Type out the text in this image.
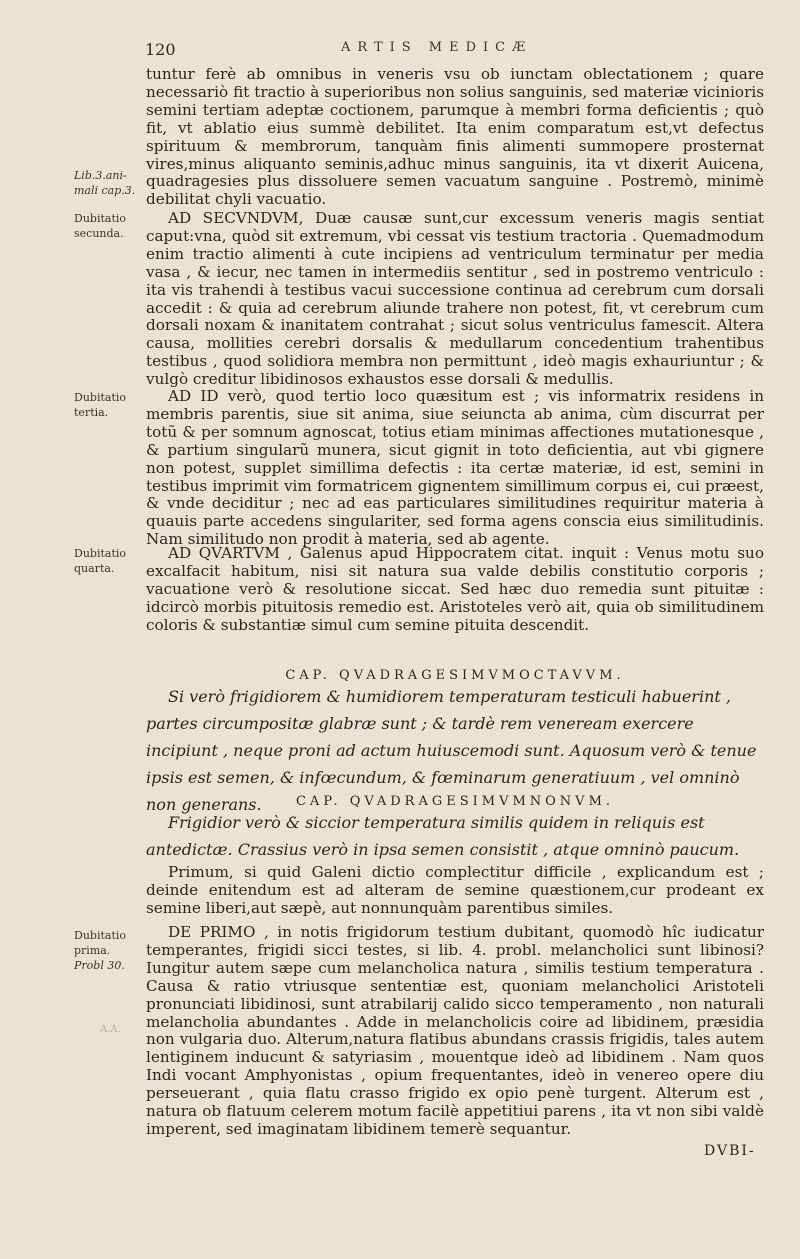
120	ARTIS MEDICÆ
Lib.3.ani-
mali cap.3.
Dubitatio
secunda.
Dubitatio
tertia.
Dubitatio
quarta.
Dubitatio
prima.
Probl 30.

tuntur ferè ab omnibus in veneris vsu ob iunctam oblectationem ; quare necessariò fit tractio à superioribus non solius sanguinis, sed materiæ vicinioris semini tertiam adeptæ coctionem, parumque à membri forma deficientis ; quò fit, vt ablatio eius summè debilitet. Ita enim comparatum est,vt defectus spirituum & membrorum, tanquàm finis alimenti summopere prosternat vires,minus aliquanto seminis,adhuc minus sanguinis, ita vt dixerit Auicena, quadragesies plus dissoluere semen vacuatum sanguine . Postremò, minimè debilitat chyli vacuatio.

AD SECVNDVM, Duæ causæ sunt,cur excessum veneris magis sentiat caput:vna, quòd sit extremum, vbi cessat vis testium tractoria . Quemadmodum enim tractio alimenti à cute incipiens ad ventriculum terminatur per media vasa , & iecur, nec tamen in intermediis sentitur , sed in postremo ventriculo : ita vis trahendi à testibus vacui successione continua ad cerebrum cum dorsali accedit : & quia ad cerebrum aliunde trahere non potest, fit, vt cerebrum cum dorsali noxam & inanitatem contrahat ; sicut solus ventriculus famescit. Altera causa, mollities cerebri dorsalis & medullarum concedentium trahentibus testibus , quod solidiora membra non permittunt , ideò magis exhauriuntur ; & vulgò creditur libidinosos exhaustos esse dorsali & medullis.

AD ID verò, quod tertio loco quæsitum est ; vis informatrix residens in membris parentis, siue sit anima, siue seiuncta ab anima, cùm discurrat per totũ & per somnum agnoscat, totius etiam minimas affectiones mutationesque , & partium singularũ munera, sicut gignit in toto deficientia, aut vbi gignere non potest, supplet simillima defectis : ita certæ materiæ, id est, semini in testibus imprimit vim formatricem gignentem simillimum corpus ei, cui præest, & vnde deciditur ; nec ad eas particulares similitudines requiritur materia à quauis parte accedens singulariter, sed forma agens conscia eius similitudinis. Nam similitudo non prodit à materia, sed ab agente.

AD QVARTVM , Galenus apud Hippocratem citat. inquit : Venus motu suo excalfacit habitum, nisi sit natura sua valde debilis constitutio corporis ; vacuatione verò & resolutione siccat. Sed hæc duo remedia sunt pituitæ : idcircò morbis pituitosis remedio est. Aristoteles verò ait, quia ob similitudinem coloris & substantiæ simul cum semine pituita descendit.

CAP. QVADRAGESIMVMOCTAVVM.

Si verò frigidiorem & humidiorem temperaturam testiculi habuerint , partes circumpositæ glabræ sunt ; & tardè rem veneream exercere incipiunt , neque proni ad actum huiuscemodi sunt. Aquosum verò & tenue ipsis est semen, & infœcundum, & fœminarum generatiuum , vel omninò non generans.	CAP. QVADRAGESIMVMNONVM.

Frigidior verò & siccior temperatura similis quidem in reliquis est antedictæ. Crassius verò in ipsa semen consistit , atque omninò paucum.

Primum, si quid Galeni dictio complectitur difficile , explicandum est ; deinde enitendum est ad alteram de semine quæstionem,cur prodeant ex semine liberi,aut sæpè, aut nonnunquàm parentibus similes.

DE PRIMO , in notis frigidorum testium dubitant, quomodò hîc iudicatur temperantes, frigidi sicci testes, si lib. 4. probl. melancholici sunt libinosi? Iungitur autem sæpe cum melancholica natura , similis testium temperatura . Causa & ratio vtriusque sententiæ est, quoniam melancholici Aristoteli pronunciati libidinosi, sunt atrabilarij calido sicco temperamento , non naturali melancholia abundantes . Adde in melancholicis coire ad libidinem, præsidia non vulgaria duo. Alterum,natura flatibus abundans crassis frigidis, tales autem lentiginem inducunt & satyriasim , mouentque ideò ad libidinem . Nam quos Indi vocant Amphyonistas , opium frequentantes, ideò in venereo opere diu perseuerant , quia flatu crasso frigido ex opio penè turgent. Alterum est , natura ob flatuum celerem motum facilè appetitiui parens , ita vt non sibi valdè imperent, sed imaginatam libidinem temerè sequantur.

A.A.
DVBI-
